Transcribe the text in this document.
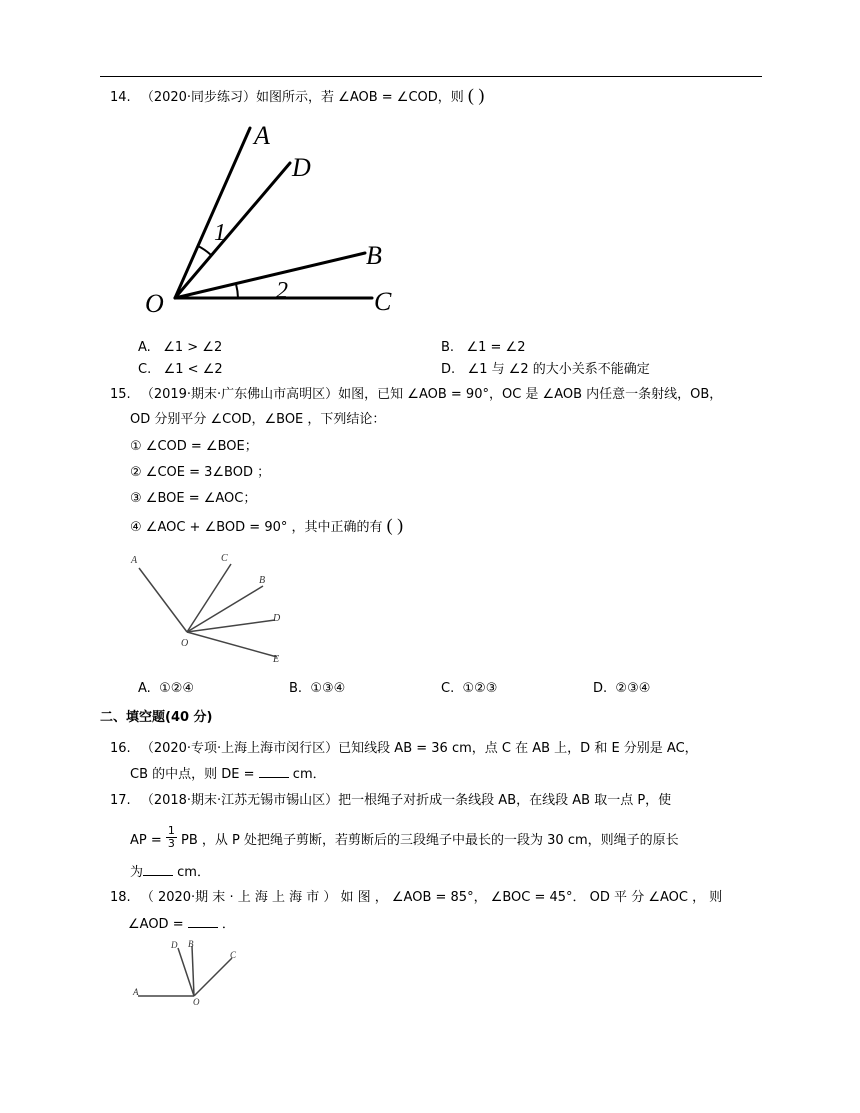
14. （2020·同步练习）如图所示，若 ∠AOB = ∠COD，则 ( )
A
D
B
C
O
1
2
A. ∠1 > ∠2	B. ∠1 = ∠2
C. ∠1 < ∠2	D. ∠1 与 ∠2 的大小关系不能确定
15. （2019·期末·广东佛山市高明区）如图，已知 ∠AOB = 90°，OC 是 ∠AOB 内任意一条射线，OB，
OD 分别平分 ∠COD，∠BOE ，下列结论：
① ∠COD = ∠BOE；
② ∠COE = 3∠BOD ；
③ ∠BOE = ∠AOC；
④ ∠AOC + ∠BOD = 90° ，其中正确的有 ( )
A	C
B
D
E
O
A. ①②④	B. ①③④	C. ①②③	D. ②③④
二、填空题(40 分)
16. （2020·专项·上海上海市闵行区）已知线段 AB = 36 cm，点 C 在 AB 上，D 和 E 分别是 AC，
CB 的中点，则 DE =	cm．
17. （2018·期末·江苏无锡市锡山区）把一根绳子对折成一条线段 AB，在线段 AB 取一点 P，使
AP = $\frac{1}{3}$ PB ，从 P 处把绳子剪断，若剪断后的三段绳子中最长的一段为 30 cm，则绳子的原长
为 cm．
18. （ 2020·期 末 · 上 海 上 海 市 ） 如 图 ， ∠AOB = 85°， ∠BOC = 45°． OD 平 分 ∠AOC ， 则
∠AOD =	．
D B
C
A
O
